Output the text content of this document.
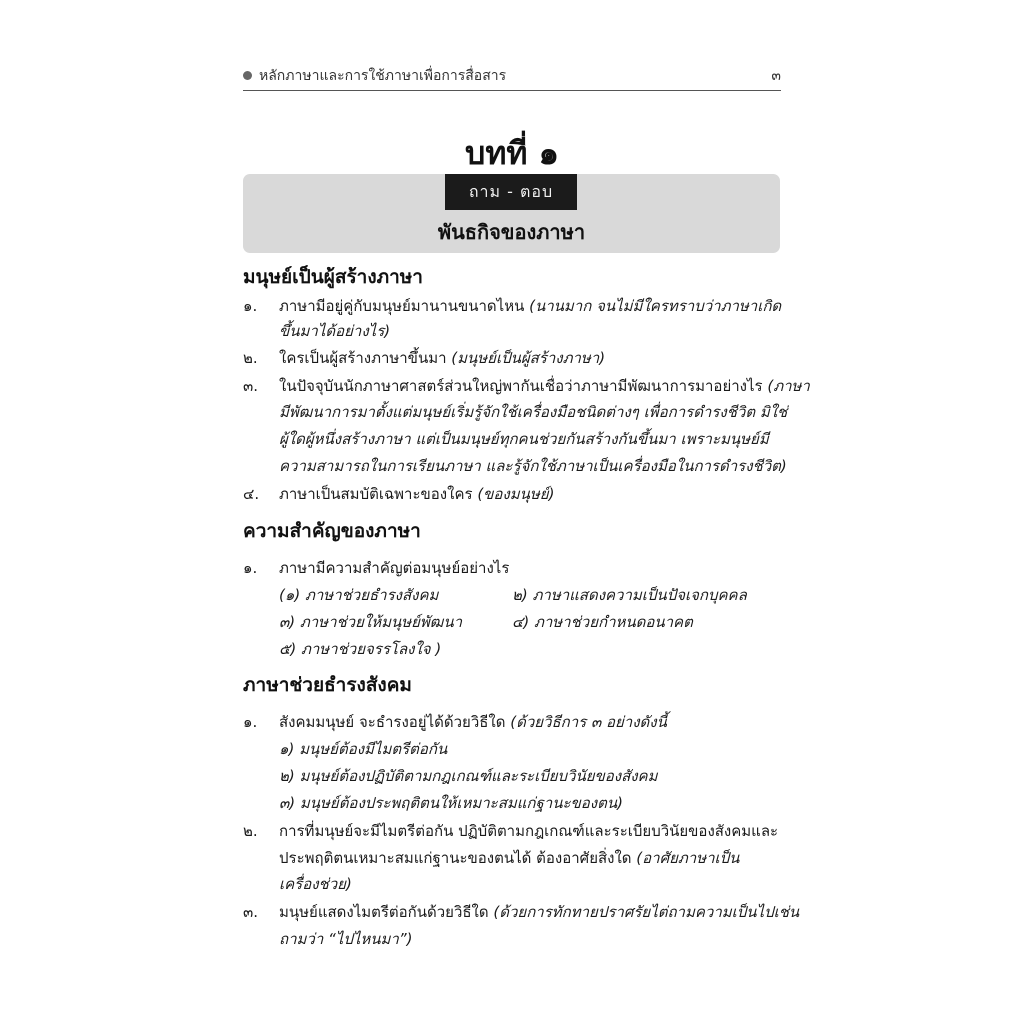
หลักภาษาและการใช้ภาษาเพื่อการสื่อสาร	๓
บทที่ ๑
ถาม - ตอบ
พันธกิจของภาษา
มนุษย์เป็นผู้สร้างภาษา
๑. ภาษามีอยู่คู่กับมนุษย์มานานขนาดไหน (นานมาก จนไม่มีใครทราบว่าภาษาเกิด
ขึ้นมาได้อย่างไร)
๒. ใครเป็นผู้สร้างภาษาขึ้นมา (มนุษย์เป็นผู้สร้างภาษา)
๓. ในปัจจุบันนักภาษาศาสตร์ส่วนใหญ่พากันเชื่อว่าภาษามีพัฒนาการมาอย่างไร (ภาษา
มีพัฒนาการมาตั้งแต่มนุษย์เริ่มรู้จักใช้เครื่องมือชนิดต่างๆ เพื่อการดำรงชีวิต มิใช่
ผู้ใดผู้หนึ่งสร้างภาษา แต่เป็นมนุษย์ทุกคนช่วยกันสร้างกันขึ้นมา เพราะมนุษย์มี
ความสามารถในการเรียนภาษา และรู้จักใช้ภาษาเป็นเครื่องมือในการดำรงชีวิต)
๔. ภาษาเป็นสมบัติเฉพาะของใคร (ของมนุษย์)
ความสำคัญของภาษา
๑. ภาษามีความสำคัญต่อมนุษย์อย่างไร
(๑) ภาษาช่วยธำรงสังคม	๒) ภาษาแสดงความเป็นปัจเจกบุคคล
๓) ภาษาช่วยให้มนุษย์พัฒนา	๔) ภาษาช่วยกำหนดอนาคต
๕) ภาษาช่วยจรรโลงใจ )
ภาษาช่วยธำรงสังคม
๑. สังคมมนุษย์ จะธำรงอยู่ได้ด้วยวิธีใด (ด้วยวิธีการ ๓ อย่างดังนี้
๑) มนุษย์ต้องมีไมตรีต่อกัน
๒) มนุษย์ต้องปฏิบัติตามกฎเกณฑ์และระเบียบวินัยของสังคม
๓) มนุษย์ต้องประพฤติตนให้เหมาะสมแก่ฐานะของตน)
๒. การที่มนุษย์จะมีไมตรีต่อกัน ปฏิบัติตามกฎเกณฑ์และระเบียบวินัยของสังคมและ
ประพฤติตนเหมาะสมแก่ฐานะของตนได้ ต้องอาศัยสิ่งใด (อาศัยภาษาเป็น
เครื่องช่วย)
๓. มนุษย์แสดงไมตรีต่อกันด้วยวิธีใด (ด้วยการทักทายปราศรัยไต่ถามความเป็นไปเช่น
ถามว่า “ไปไหนมา”)
